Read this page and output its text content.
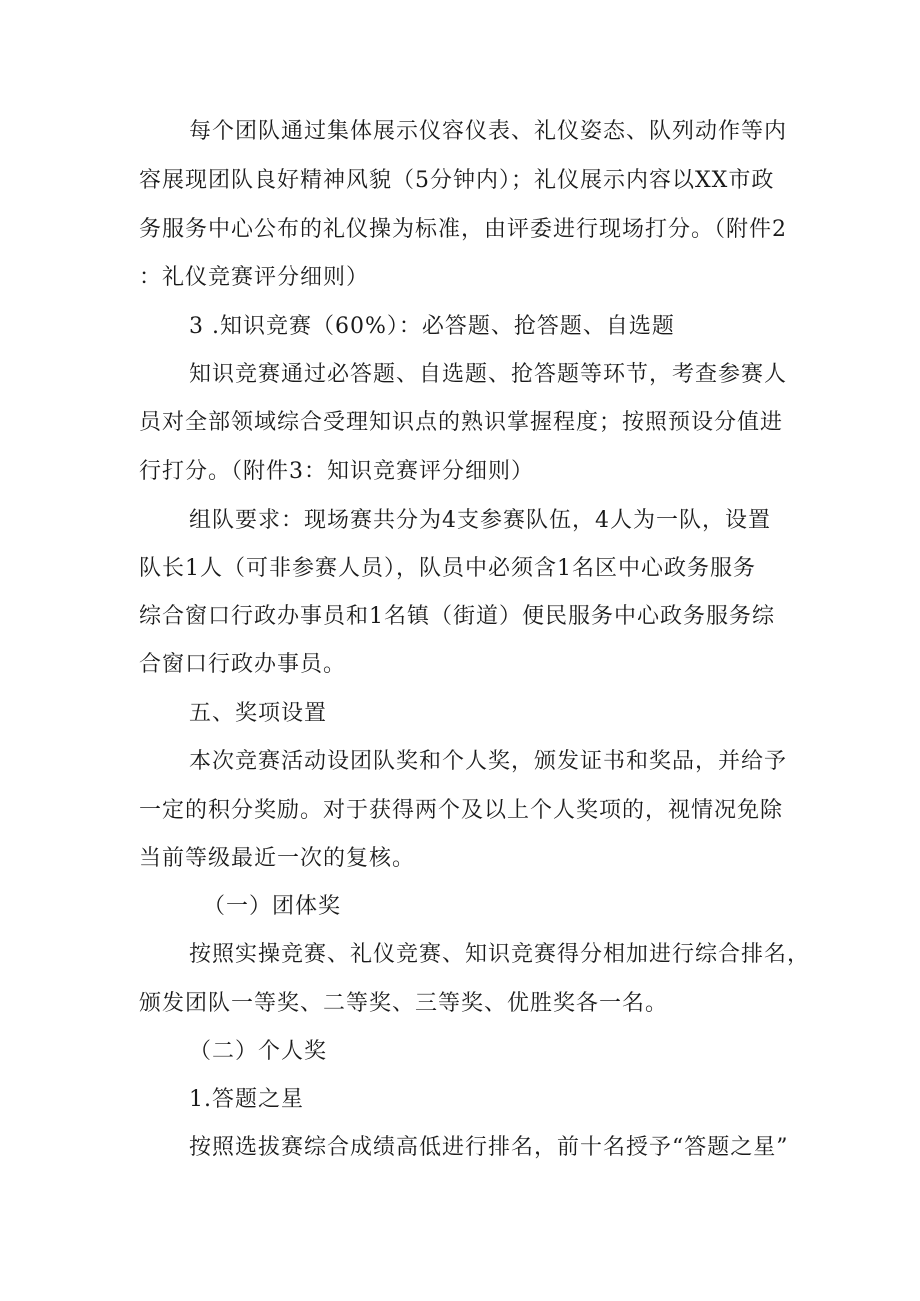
每个团队通过集体展示仪容仪表、礼仪姿态、队列动作等内
容展现团队良好精神风貌（5分钟内）；礼仪展示内容以XX市政
务服务中心公布的礼仪操为标准，由评委进行现场打分。（附件2
：礼仪竞赛评分细则）
3 .知识竞赛（60%）：必答题、抢答题、自选题
知识竞赛通过必答题、自选题、抢答题等环节，考查参赛人
员对全部领域综合受理知识点的熟识掌握程度；按照预设分值进
行打分。（附件3：知识竞赛评分细则）
组队要求：现场赛共分为4支参赛队伍，4人为一队，设置
队长1人（可非参赛人员），队员中必须含1名区中心政务服务
综合窗口行政办事员和1名镇（街道）便民服务中心政务服务综
合窗口行政办事员。
五、奖项设置
本次竞赛活动设团队奖和个人奖，颁发证书和奖品，并给予
一定的积分奖励。对于获得两个及以上个人奖项的，视情况免除
当前等级最近一次的复核。
（一）团体奖
按照实操竞赛、礼仪竞赛、知识竞赛得分相加进行综合排名，
颁发团队一等奖、二等奖、三等奖、优胜奖各一名。
（二）个人奖
1.答题之星
按照选拔赛综合成绩高低进行排名，前十名授予“答题之星”
